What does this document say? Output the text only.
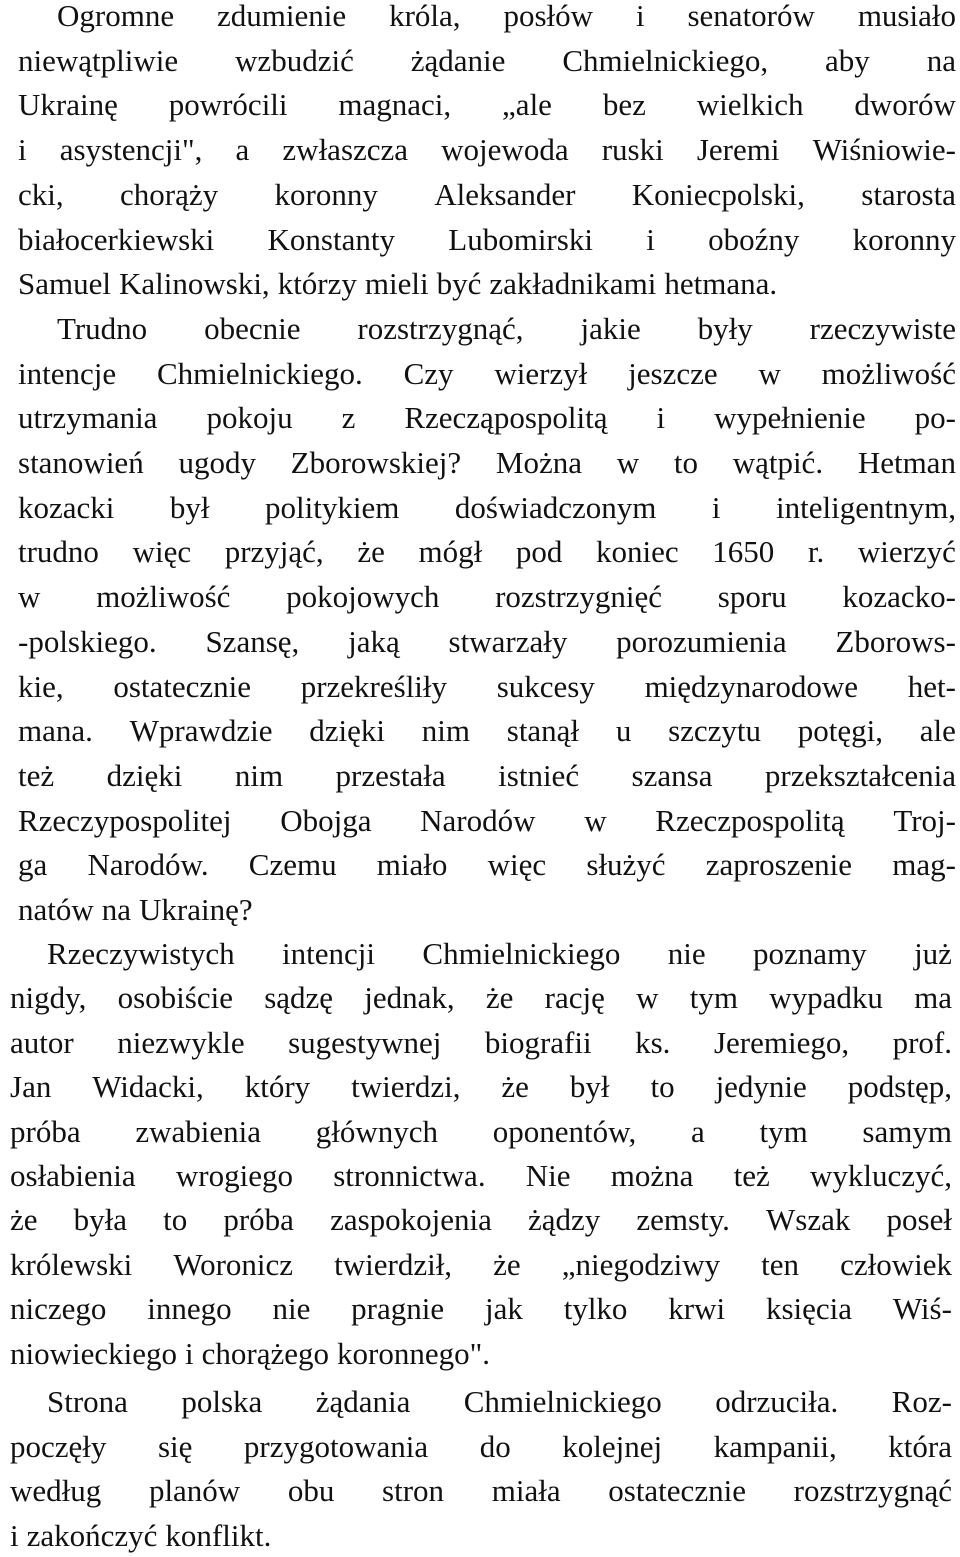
Ogromne zdumienie króla, posłów i senatorów musiało
niewątpliwie wzbudzić żądanie Chmielnickiego, aby na
Ukrainę powrócili magnaci, „ale bez wielkich dworów
i asystencji", a zwłaszcza wojewoda ruski Jeremi Wiśniowie-
cki, chorąży koronny Aleksander Koniecpolski, starosta
białocerkiewski Konstanty Lubomirski i oboźny koronny
Samuel Kalinowski, którzy mieli być zakładnikami hetmana.
Trudno obecnie rozstrzygnąć, jakie były rzeczywiste
intencje Chmielnickiego. Czy wierzył jeszcze w możliwość
utrzymania pokoju z Rzecząpospolitą i wypełnienie po-
stanowień ugody Zborowskiej? Można w to wątpić. Hetman
kozacki był politykiem doświadczonym i inteligentnym,
trudno więc przyjąć, że mógł pod koniec 1650 r. wierzyć
w możliwość pokojowych rozstrzygnięć sporu kozacko-
-polskiego. Szansę, jaką stwarzały porozumienia Zborows-
kie, ostatecznie przekreśliły sukcesy międzynarodowe het-
mana. Wprawdzie dzięki nim stanął u szczytu potęgi, ale
też dzięki nim przestała istnieć szansa przekształcenia
Rzeczypospolitej Obojga Narodów w Rzeczpospolitą Troj-
ga Narodów. Czemu miało więc służyć zaproszenie mag-
natów na Ukrainę?
Rzeczywistych intencji Chmielnickiego nie poznamy już
nigdy, osobiście sądzę jednak, że rację w tym wypadku ma
autor niezwykle sugestywnej biografii ks. Jeremiego, prof.
Jan Widacki, który twierdzi, że był to jedynie podstęp,
próba zwabienia głównych oponentów, a tym samym
osłabienia wrogiego stronnictwa. Nie można też wykluczyć,
że była to próba zaspokojenia żądzy zemsty. Wszak poseł
królewski Woronicz twierdził, że „niegodziwy ten człowiek
niczego innego nie pragnie jak tylko krwi księcia Wiś-
niowieckiego i chorążego koronnego".
Strona polska żądania Chmielnickiego odrzuciła. Roz-
poczęły się przygotowania do kolejnej kampanii, która
według planów obu stron miała ostatecznie rozstrzygnąć
i zakończyć konflikt.
